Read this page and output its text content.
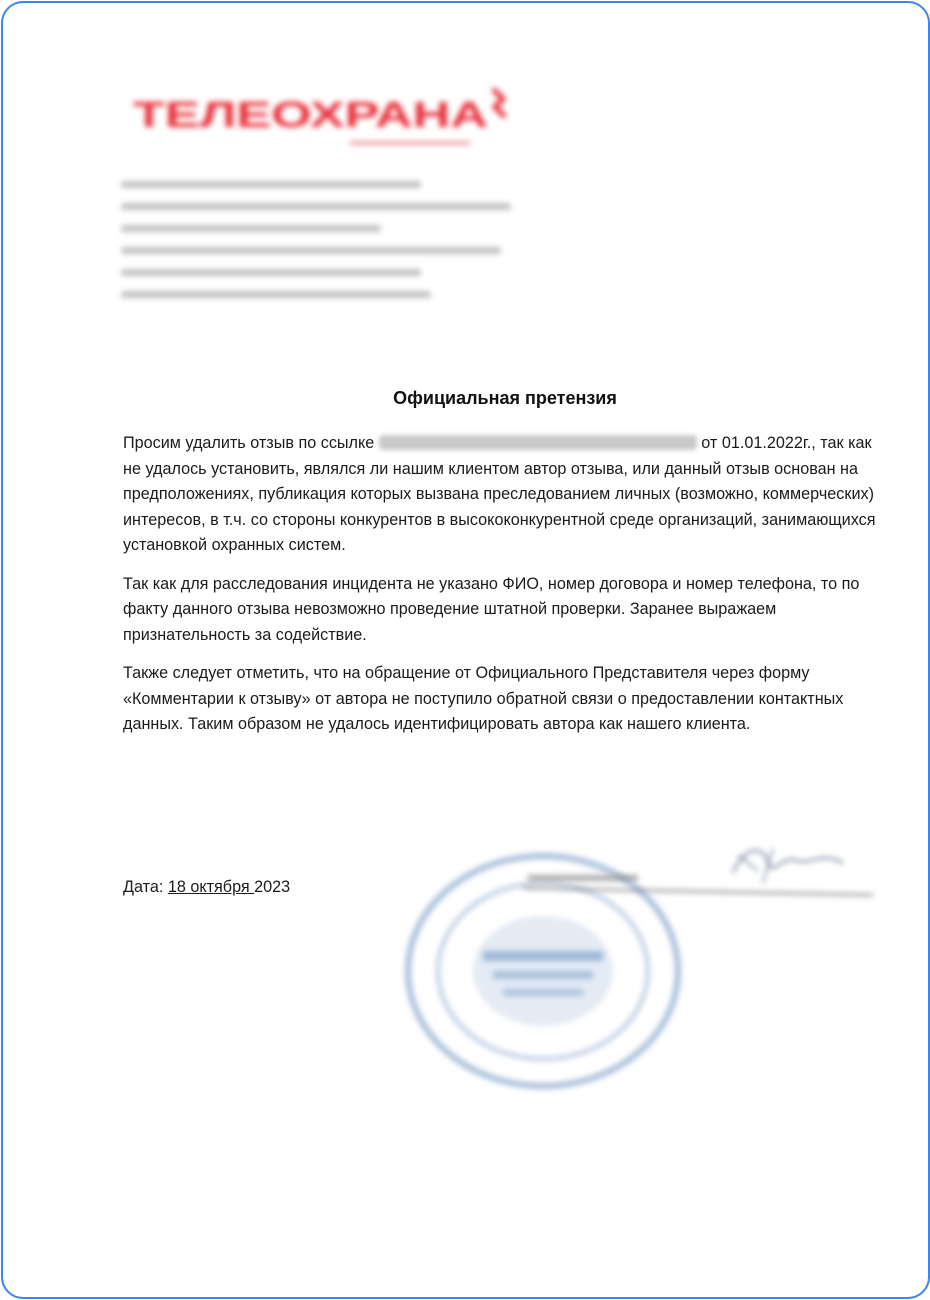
ТЕЛЕОХРАНА
Официальная претензия

Просим удалить отзыв по ссылке	от 01.01.2022г., так как не удалось установить, являлся ли нашим клиентом автор отзыва, или данный отзыв основан на предположениях, публикация которых вызвана преследованием личных (возможно, коммерческих) интересов, в т.ч. со стороны конкурентов в высококонкурентной среде организаций, занимающихся установкой охранных систем.

Так как для расследования инцидента не указано ФИО, номер договора и номер телефона, то по факту данного отзыва невозможно проведение штатной проверки. Заранее выражаем признательность за содействие.

Также следует отметить, что на обращение от Официального Представителя через форму «Комментарии к отзыву» от автора не поступило обратной связи о предоставлении контактных данных. Таким образом не удалось идентифицировать автора как нашего клиента.

Дата: 18 октября 2023
